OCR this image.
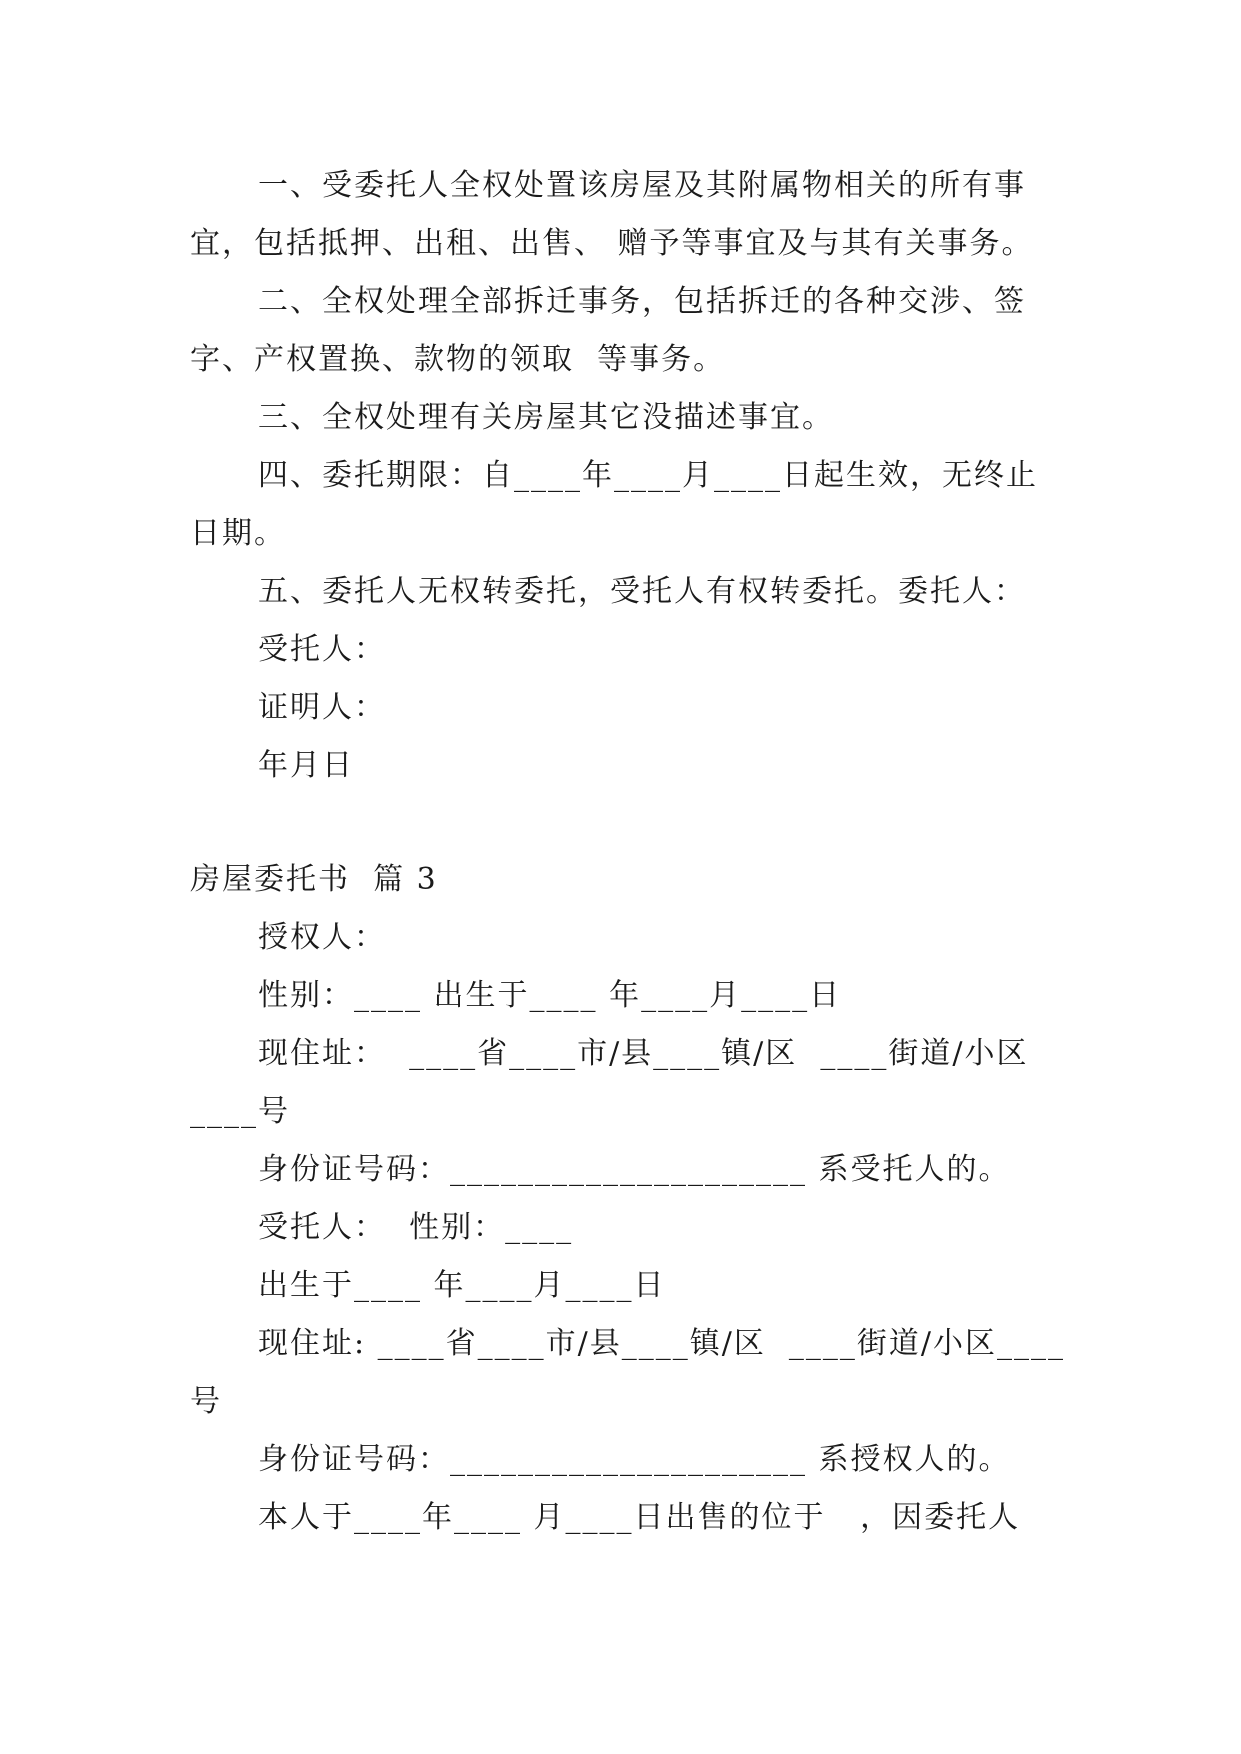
一、受委托人全权处置该房屋及其附属物相关的所有事
宜，包括抵押、出租、出售、 赠予等事宜及与其有关事务。
二、全权处理全部拆迁事务，包括拆迁的各种交涉、签
字、产权置换、款物的领取  等事务。
三、全权处理有关房屋其它没描述事宜。
四、委托期限：自____年____月____日起生效，无终止
日期。
五、委托人无权转委托，受托人有权转委托。委托人：
受托人：
证明人：
年月日
房屋委托书  篇 3
授权人：
性别：____ 出生于____ 年____月____日
现住址：  ____省____市/县____镇/区  ____街道/小区
____号
身份证号码：_____________________ 系受托人的。
受托人：  性别：____
出生于____ 年____月____日
现住址: ____省____市/县____镇/区  ____街道/小区____
号
身份证号码：_____________________ 系授权人的。
本人于____年____ 月____日出售的位于   ，因委托人
